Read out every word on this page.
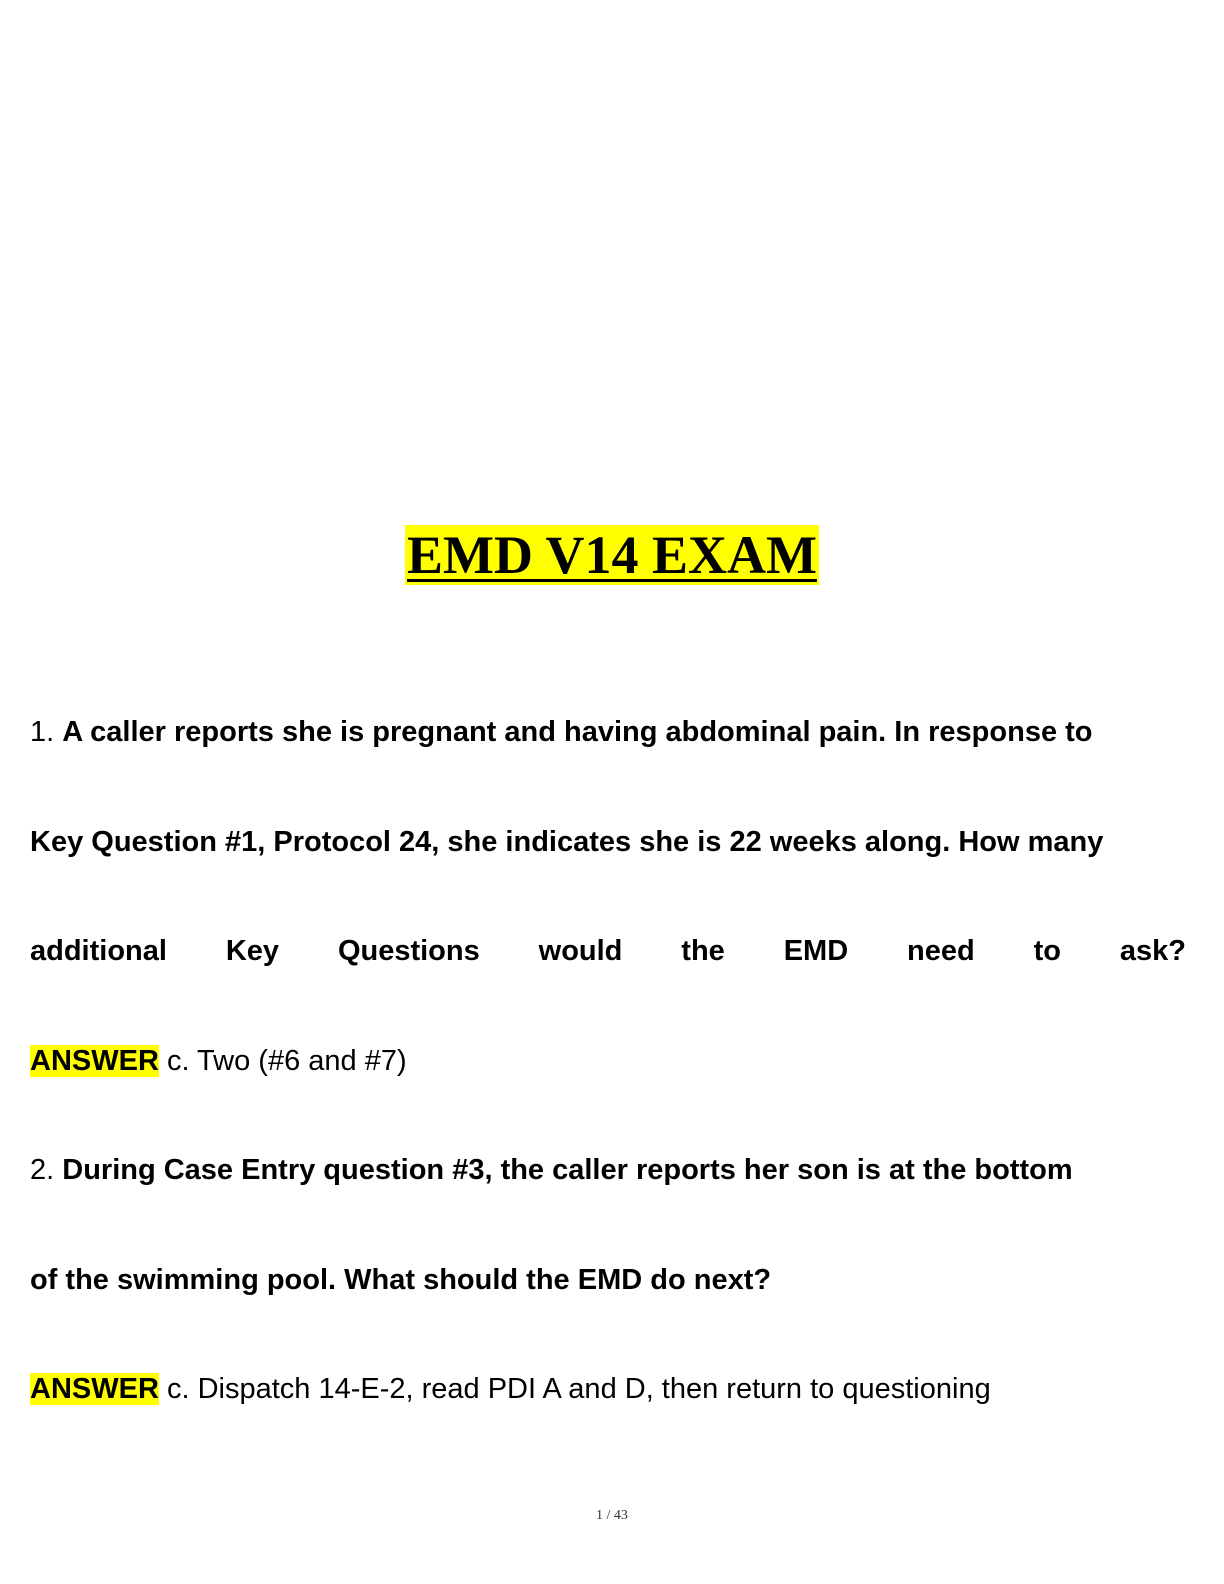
EMD V14 EXAM
1. A caller reports she is pregnant and having abdominal pain. In response to
Key Question #1, Protocol 24, she indicates she is 22 weeks along. How many
additional Key Questions would the EMD need to ask?
ANSWER c. Two (#6 and #7)
2. During Case Entry question #3, the caller reports her son is at the bottom
of the swimming pool. What should the EMD do next?
ANSWER c. Dispatch 14-E-2, read PDI A and D, then return to questioning
1 / 43
